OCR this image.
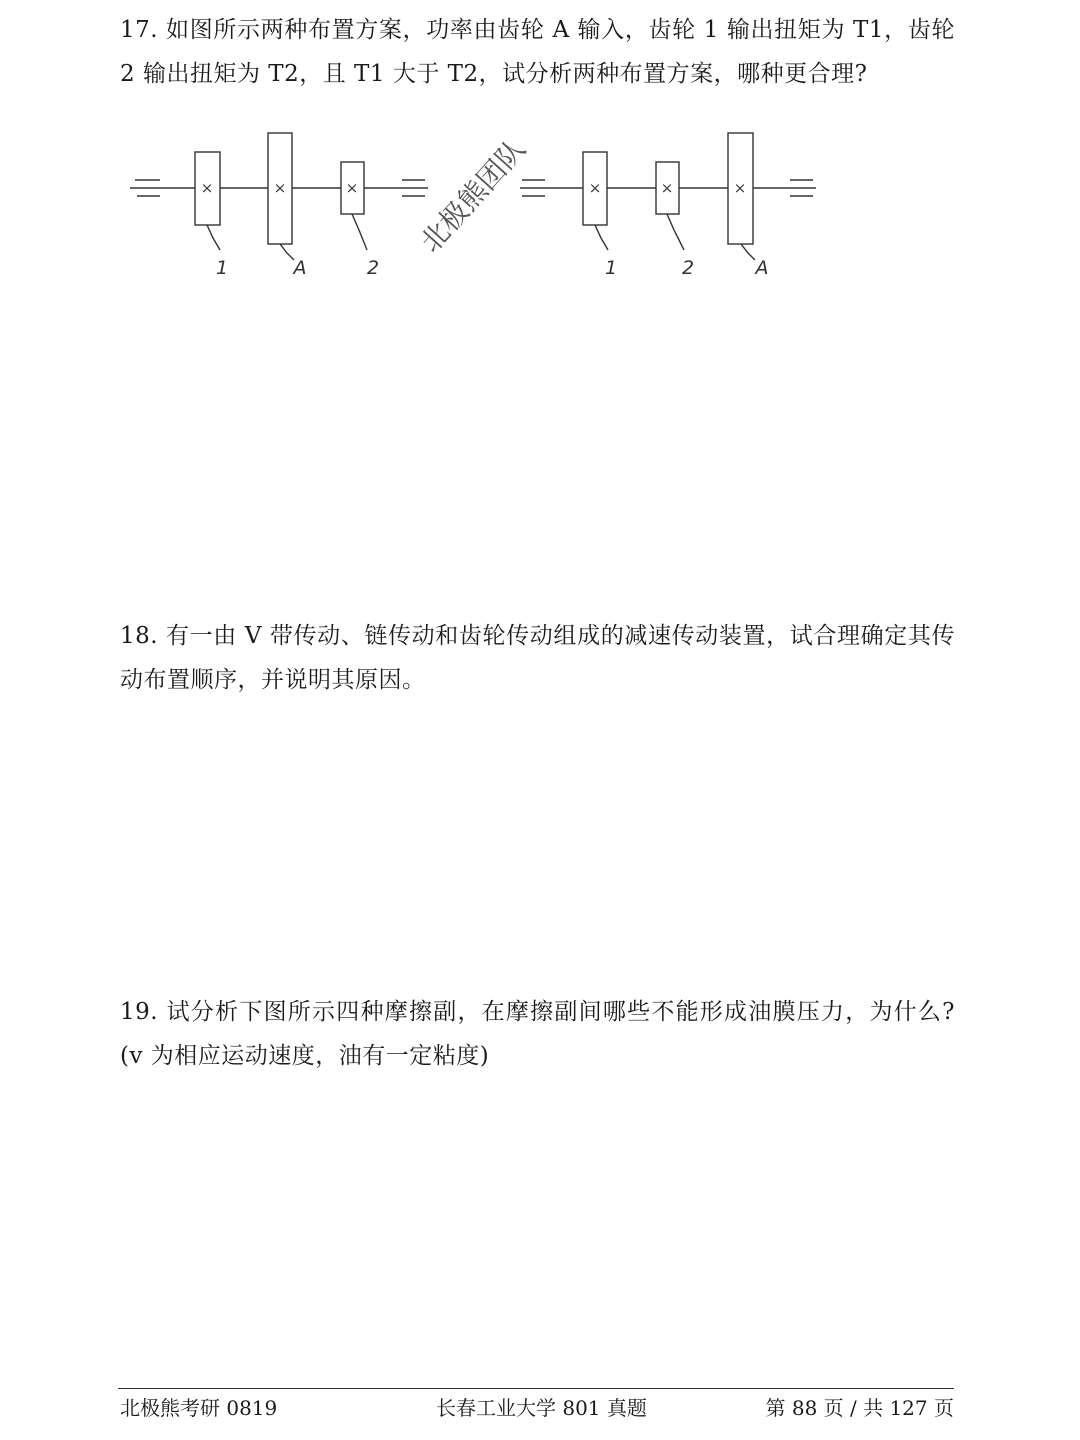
17. 如图所示两种布置方案，功率由齿轮 A 输入，齿轮 1 输出扭矩为 T1，齿轮 2 输出扭矩为 T2，且 T1 大于 T2，试分析两种布置方案，哪种更合理?
×	×	×	×	×	×
1	A	2	1	2	A
北极熊团队
18. 有一由 V 带传动、链传动和齿轮传动组成的减速传动装置，试合理确定其传动布置顺序，并说明其原因。
19. 试分析下图所示四种摩擦副，在摩擦副间哪些不能形成油膜压力，为什么? (v 为相应运动速度，油有一定粘度)
北极熊考研 0819	长春工业大学 801 真题	第 88 页 / 共 127 页
